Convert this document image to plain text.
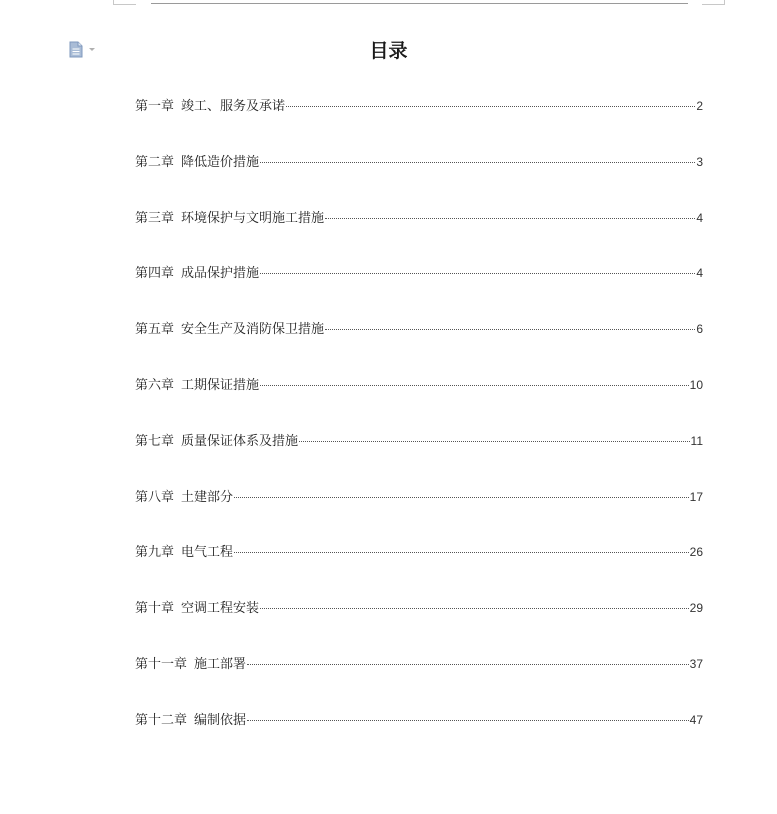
目录
第一章 竣工、服务及承诺	2
第二章 降低造价措施	3
第三章 环境保护与文明施工措施	4
第四章 成品保护措施	4
第五章 安全生产及消防保卫措施	6
第六章 工期保证措施	10
第七章 质量保证体系及措施	11
第八章 土建部分	17
第九章 电气工程	26
第十章 空调工程安装	29
第十一章 施工部署	37
第十二章 编制依据	47
